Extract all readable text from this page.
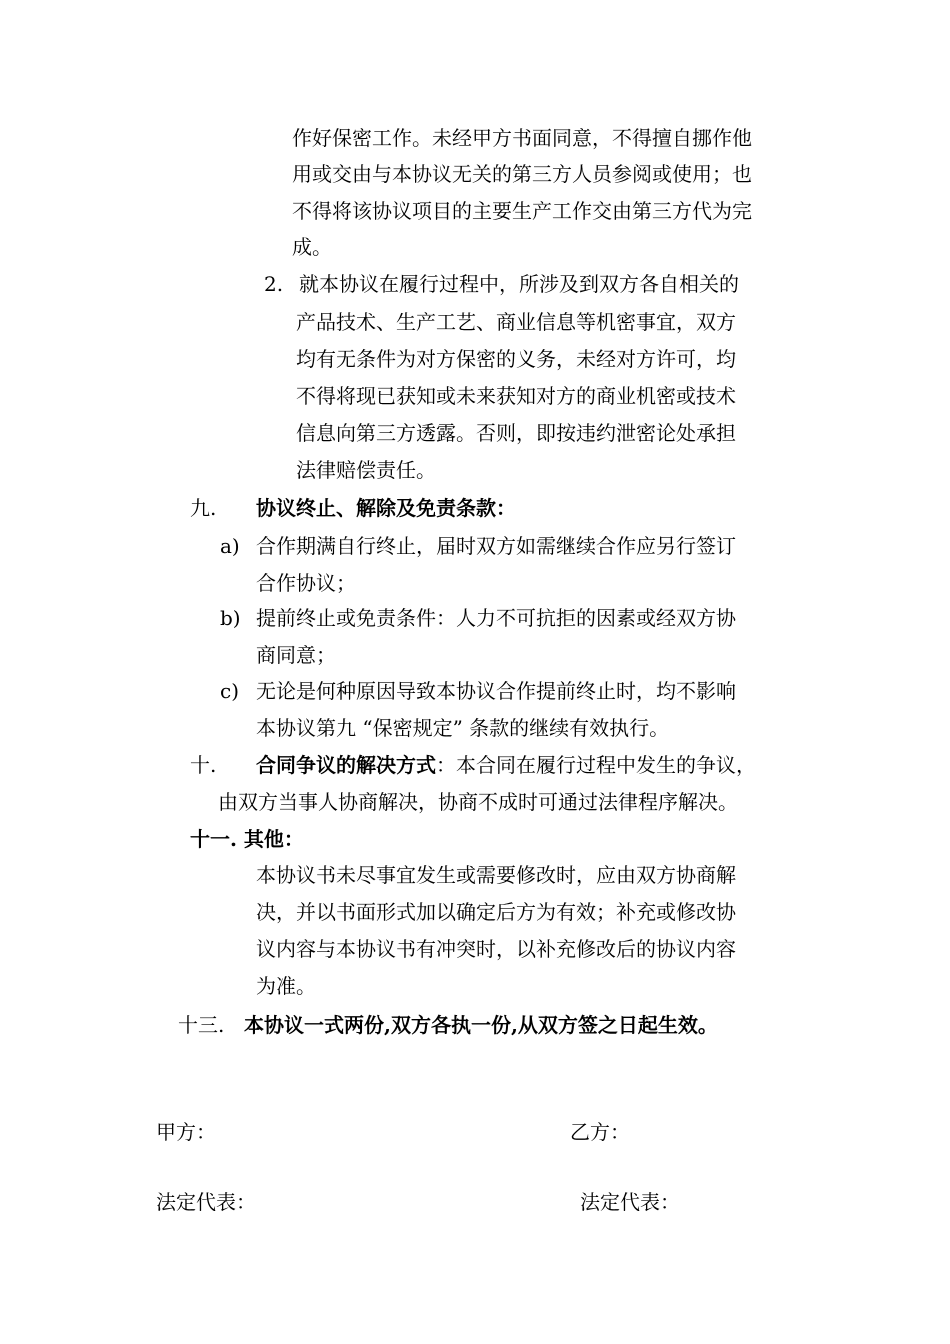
作好保密工作。未经甲方书面同意，不得擅自挪作他
用或交由与本协议无关的第三方人员参阅或使用；也
不得将该协议项目的主要生产工作交由第三方代为完
成。
2. 就本协议在履行过程中，所涉及到双方各自相关的
产品技术、生产工艺、商业信息等机密事宜，双方
均有无条件为对方保密的义务，未经对方许可，均
不得将现已获知或未来获知对方的商业机密或技术
信息向第三方透露。否则，即按违约泄密论处承担
法律赔偿责任。
九. 协议终止、解除及免责条款：
a) 合作期满自行终止，届时双方如需继续合作应另行签订
合作协议；
b) 提前终止或免责条件：人力不可抗拒的因素或经双方协
商同意；
c) 无论是何种原因导致本协议合作提前终止时，均不影响
本协议第九 “保密规定” 条款的继续有效执行。
十. 合同争议的解决方式：本合同在履行过程中发生的争议，
由双方当事人协商解决，协商不成时可通过法律程序解决。
十一. 其他：
本协议书未尽事宜发生或需要修改时，应由双方协商解
决，并以书面形式加以确定后方为有效；补充或修改协
议内容与本协议书有冲突时，以补充修改后的协议内容
为准。
十三. 本协议一式两份,双方各执一份,从双方签之日起生效。
甲方：	乙方：
法定代表：	法定代表：
